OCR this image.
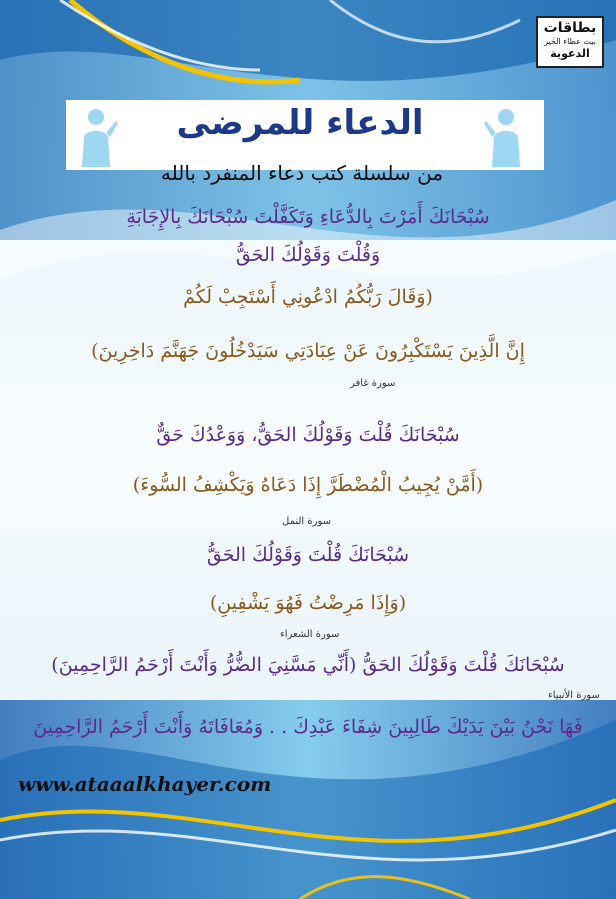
بطاقات
بيت عطاء الخير
الدعوية
الدعاء للمرضى
من سلسلة كتب دعاء المنفرد بالله
سُبْحَانَكَ أَمَرْتَ بِالدُّعَاءِ وَتَكَفَّلْتَ سُبْحَانَكَ بِالإِجَابَةِ
وَقُلْتَ وَقَوْلُكَ الحَقُّ
(وَقَالَ رَبُّكُمُ ادْعُونِي أَسْتَجِبْ لَكُمْ
إِنَّ الَّذِينَ يَسْتَكْبِرُونَ عَنْ عِبَادَتِي سَيَدْخُلُونَ جَهَنَّمَ دَاخِرِينَ)
سورة غافر
سُبْحَانَكَ قُلْتَ وَقَوْلُكَ الحَقُّ، وَوَعْدُكَ حَقٌّ
(أَمَّنْ يُجِيبُ الْمُضْطَرَّ إِذَا دَعَاهُ وَيَكْشِفُ السُّوءَ)
سورة النمل
سُبْحَانَكَ قُلْتَ وَقَوْلُكَ الحَقُّ
(وَإِذَا مَرِضْتُ فَهُوَ يَشْفِينِ)
سورة الشعراء
سُبْحَانَكَ قُلْتَ وَقَوْلُكَ الحَقُّ (أَنِّي مَسَّنِيَ الضُّرُّ وَأَنْتَ أَرْحَمُ الرَّاحِمِينَ)
سورة الأنبياء
فَهَا نَحْنُ بَيْنَ يَدَيْكَ طَالِبِينَ شِفَاءَ عَبْدِكَ . . وَمُعَافَاتَهُ وَأَنْتَ أَرْحَمُ الرَّاحِمِينَ
www.ataaalkhayer.com
